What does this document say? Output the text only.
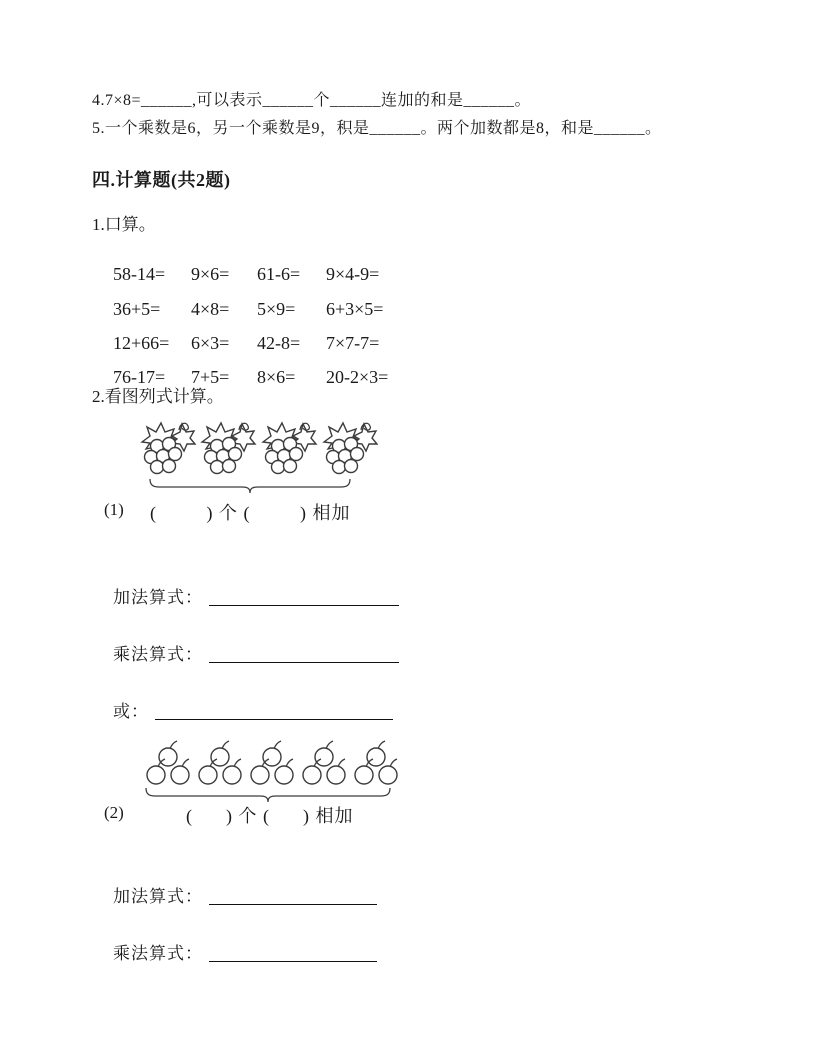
4.7×8=______,可以表示______个______连加的和是______。
5.一个乘数是6，另一个乘数是9，积是______。两个加数都是8，和是______。
四.计算题(共2题)
1.口算。

58-14= 9×6= 61-6= 9×4-9=

36+5= 4×8= 5×9= 6+3×5=

12+66= 6×3= 42-8= 7×7-7=

76-17= 7+5= 8×6= 20-2×3=

2.看图列式计算。
(1) (         ) 个 (         ) 相加

加法算式：

乘法算式：

或：

(2)	(      ) 个 (      ) 相加

加法算式：

乘法算式：
